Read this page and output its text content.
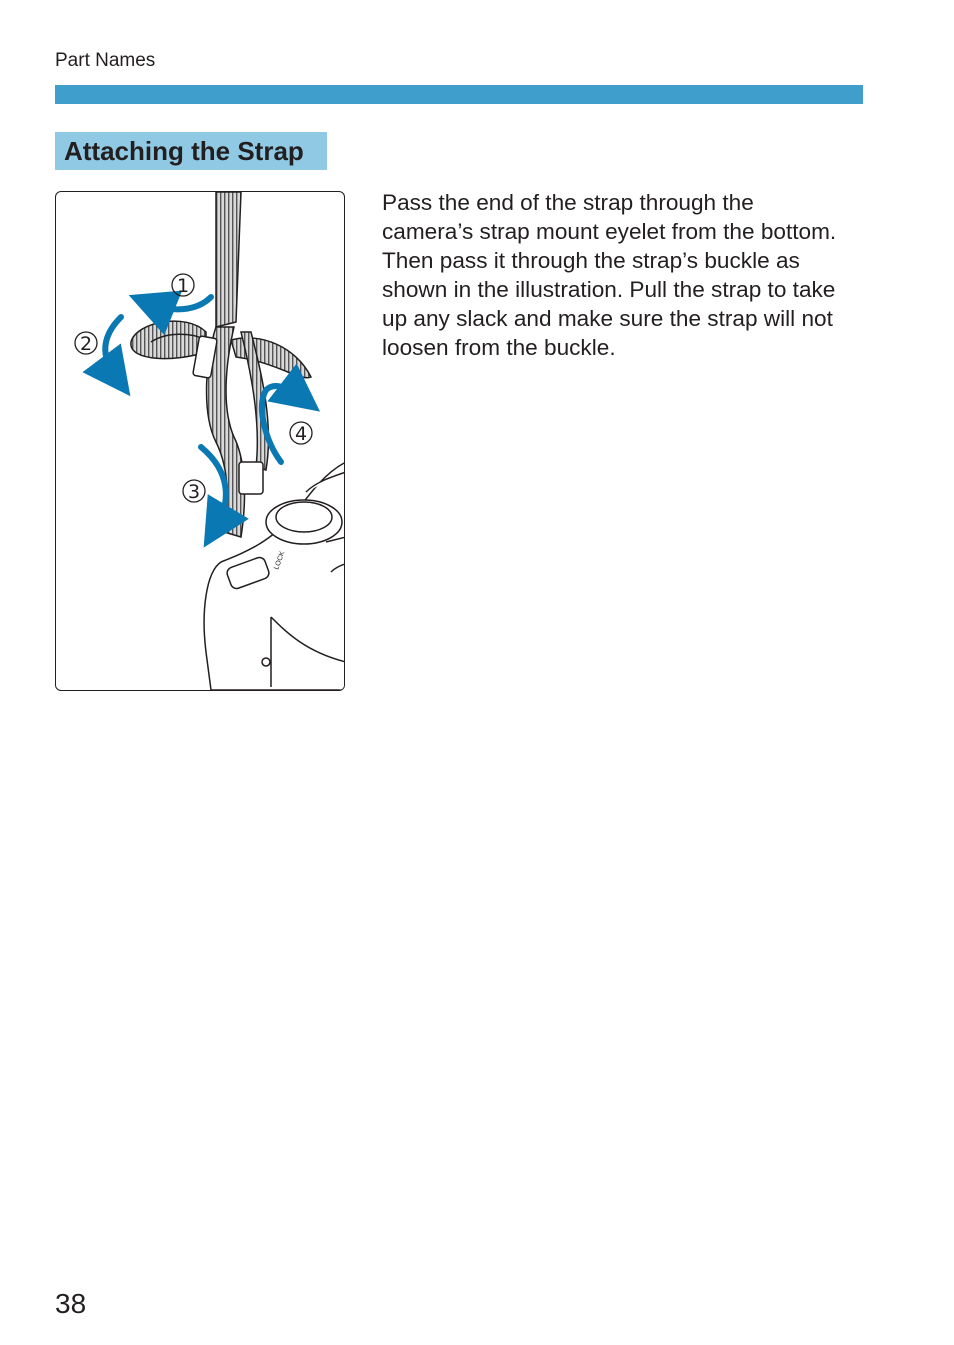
Part Names
Attaching the Strap
LOCK
1
2
3
4
Pass the end of the strap through the
camera’s strap mount eyelet from the bottom.
Then pass it through the strap’s buckle as
shown in the illustration. Pull the strap to take
up any slack and make sure the strap will not
loosen from the buckle.
38
